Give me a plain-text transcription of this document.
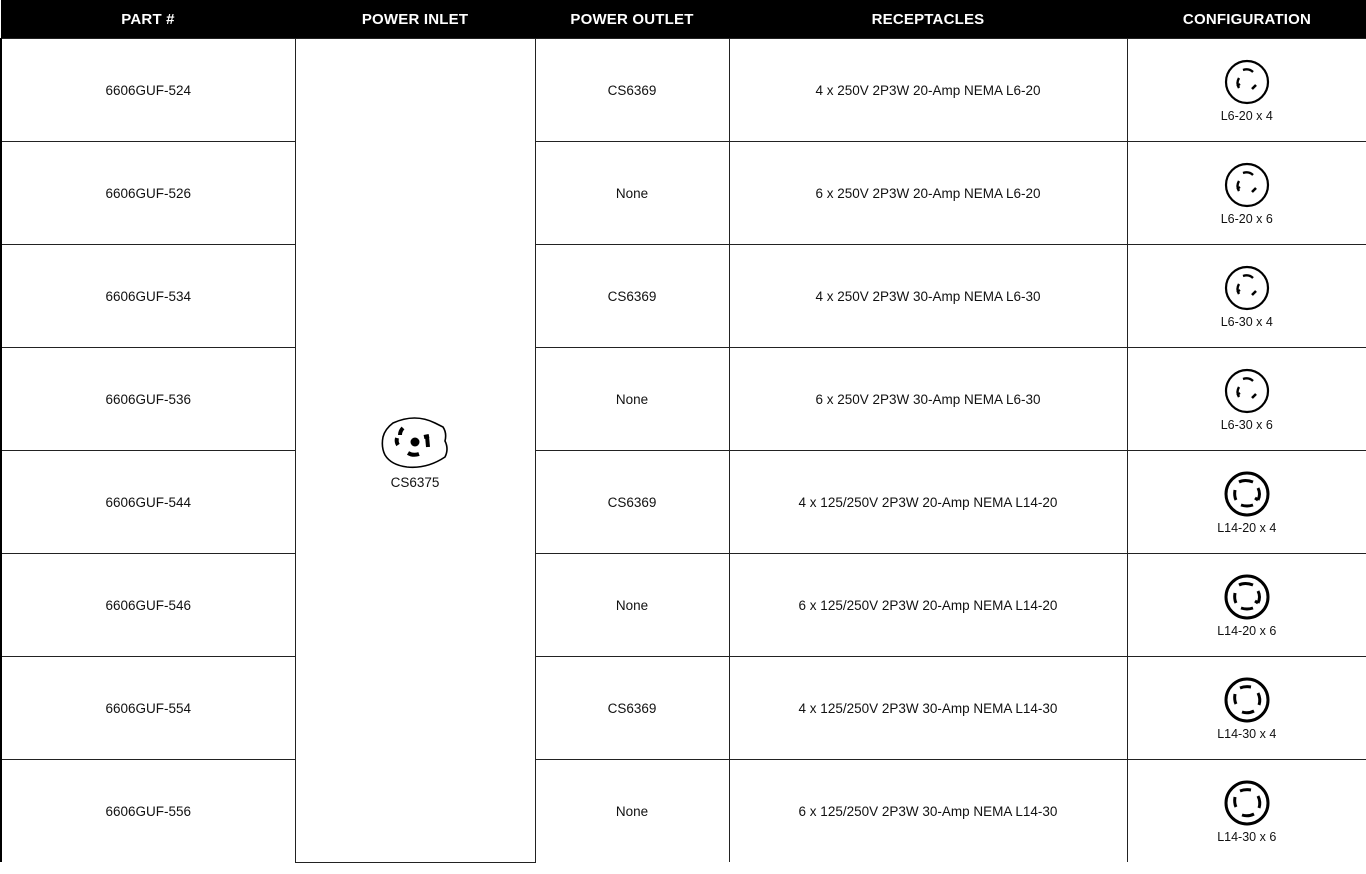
PART #	POWER INLET	POWER OUTLET	RECEPTACLES	CONFIGURATION
6606GUF-524	CS6375	CS6369	4 x 250V 2P3W 20-Amp NEMA L6-20	L6-20 x 4

6606GUF-526		None	6 x 250V 2P3W 20-Amp NEMA L6-20	L6-20 x 6

6606GUF-534		CS6369	4 x 250V 2P3W 30-Amp NEMA L6-30	L6-30 x 4

6606GUF-536		None	6 x 250V 2P3W 30-Amp NEMA L6-30	L6-30 x 6

6606GUF-544		CS6369	4 x 125/250V 2P3W 20-Amp NEMA L14-20	L14-20 x 4

6606GUF-546		None	6 x 125/250V 2P3W 20-Amp NEMA L14-20	L14-20 x 6

6606GUF-554		CS6369	4 x 125/250V 2P3W 30-Amp NEMA L14-30	L14-30 x 4

6606GUF-556		None	6 x 125/250V 2P3W 30-Amp NEMA L14-30	L14-30 x 6
